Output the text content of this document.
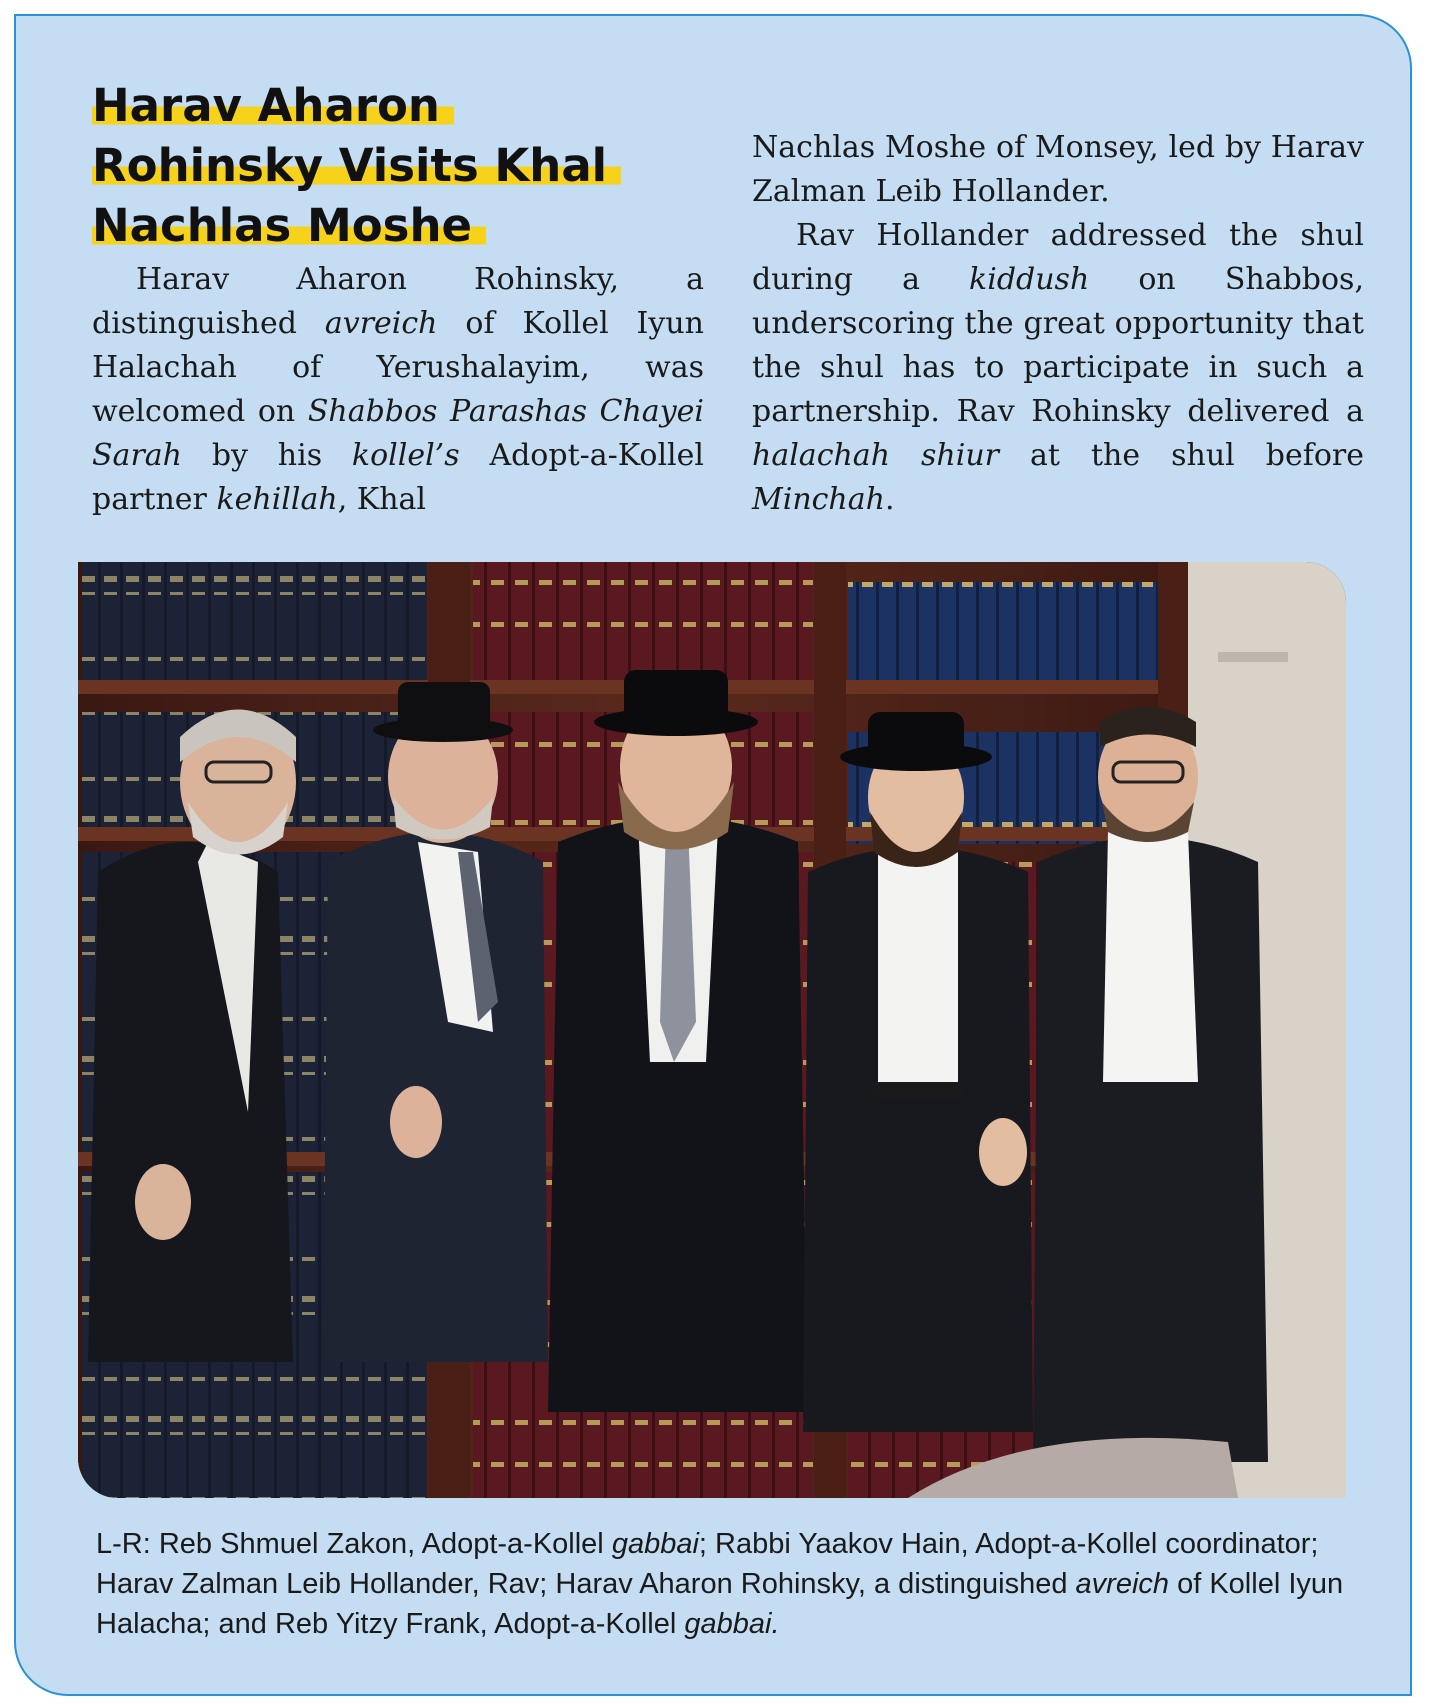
Harav Aharon
Rohinsky Visits Khal
Nachlas Moshe

Harav Aharon Rohinsky, a distinguished avreich of Kollel Iyun Halachah of Yerushalayim, was welcomed on Shabbos Parashas Chayei Sarah by his kollel’s Adopt-a-Kollel partner kehillah, Khal

Nachlas Moshe of Monsey, led by Harav Zalman Leib Hollander.

Rav Hollander addressed the shul during a kiddush on Shabbos, underscoring the great opportunity that the shul has to participate in such a partnership. Rav Rohinsky delivered a halachah shiur at the shul before Minchah.

L-R: Reb Shmuel Zakon, Adopt-a-Kollel gabbai; Rabbi Yaakov Hain, Adopt-a-Kollel coordinator; Harav Zalman Leib Hollander, Rav; Harav Aharon Rohinsky, a distinguished avreich of Kollel Iyun Halacha; and Reb Yitzy Frank, Adopt-a-Kollel gabbai.
